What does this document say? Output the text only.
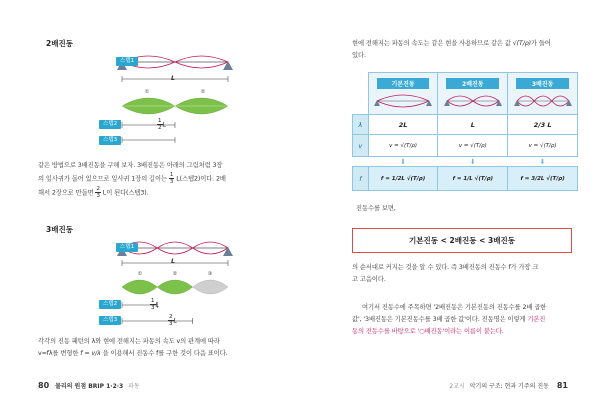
2배진동
①	②
스텝1
L
스텝2	$\frac{1}{2}$ L
스텝3
같은 방법으로 3배진동을 구해 보자. 3배진동은 아래의 그림처럼 3장
의 잎사귀가 들어 있으므로 잎사귀 1장의 길이는 $\frac{1}{3} L$(스텝2)이다. 2배
해서 2장으로 만들면 $\frac{2}{3}$ L이 된다(스텝3).
3배진동
①	②	③
스텝1
L
스텝2	$\frac{1}{3}$ L
스텝3	$\frac{2}{3}$ L
각각의 진동 패턴의 λ와 현에 전해지는 파동의 속도 v의 관계에 따라
v=fλ를 변형한 f = v/λ 을 이용해서 진동수 f를 구한 것이 다음 표이다.
80 물리의 원점 BRIP 1·2·3 파동
현에 전해지는 파동의 속도는 같은 현을 사용하므로 같은 값 √(T/ρ)가 들어
있다.

	기본진동	2배진동	3배진동

λ	2L	L	2/3 L
v	v = √(T/ρ)	v = √(T/ρ)	v = √(T/ρ)
	⬇	⬇	⬇
f	f = 1/2L √(T/ρ)	f = 1/L √(T/ρ)	f = 3/2L √(T/ρ)
진동수를 보면,
기본진동 < 2배진동 < 3배진동
의 순서대로 커지는 것을 알 수 있다. 즉 3배진동의 진동수 f가 가장 크
고 고음이다.
여기서 진동수에 주목하면 '2배진동은 기본진동의 진동수를 2배 곱한
값', '3배진동은 기본진동수를 3배 곱한 값'이다. 진동명은 이렇게 기본진
동의 진동수를 바탕으로 '○배진동'이라는 이름이 붙는다.
2교시 악기의 구조: 현과 기주의 진동 81
